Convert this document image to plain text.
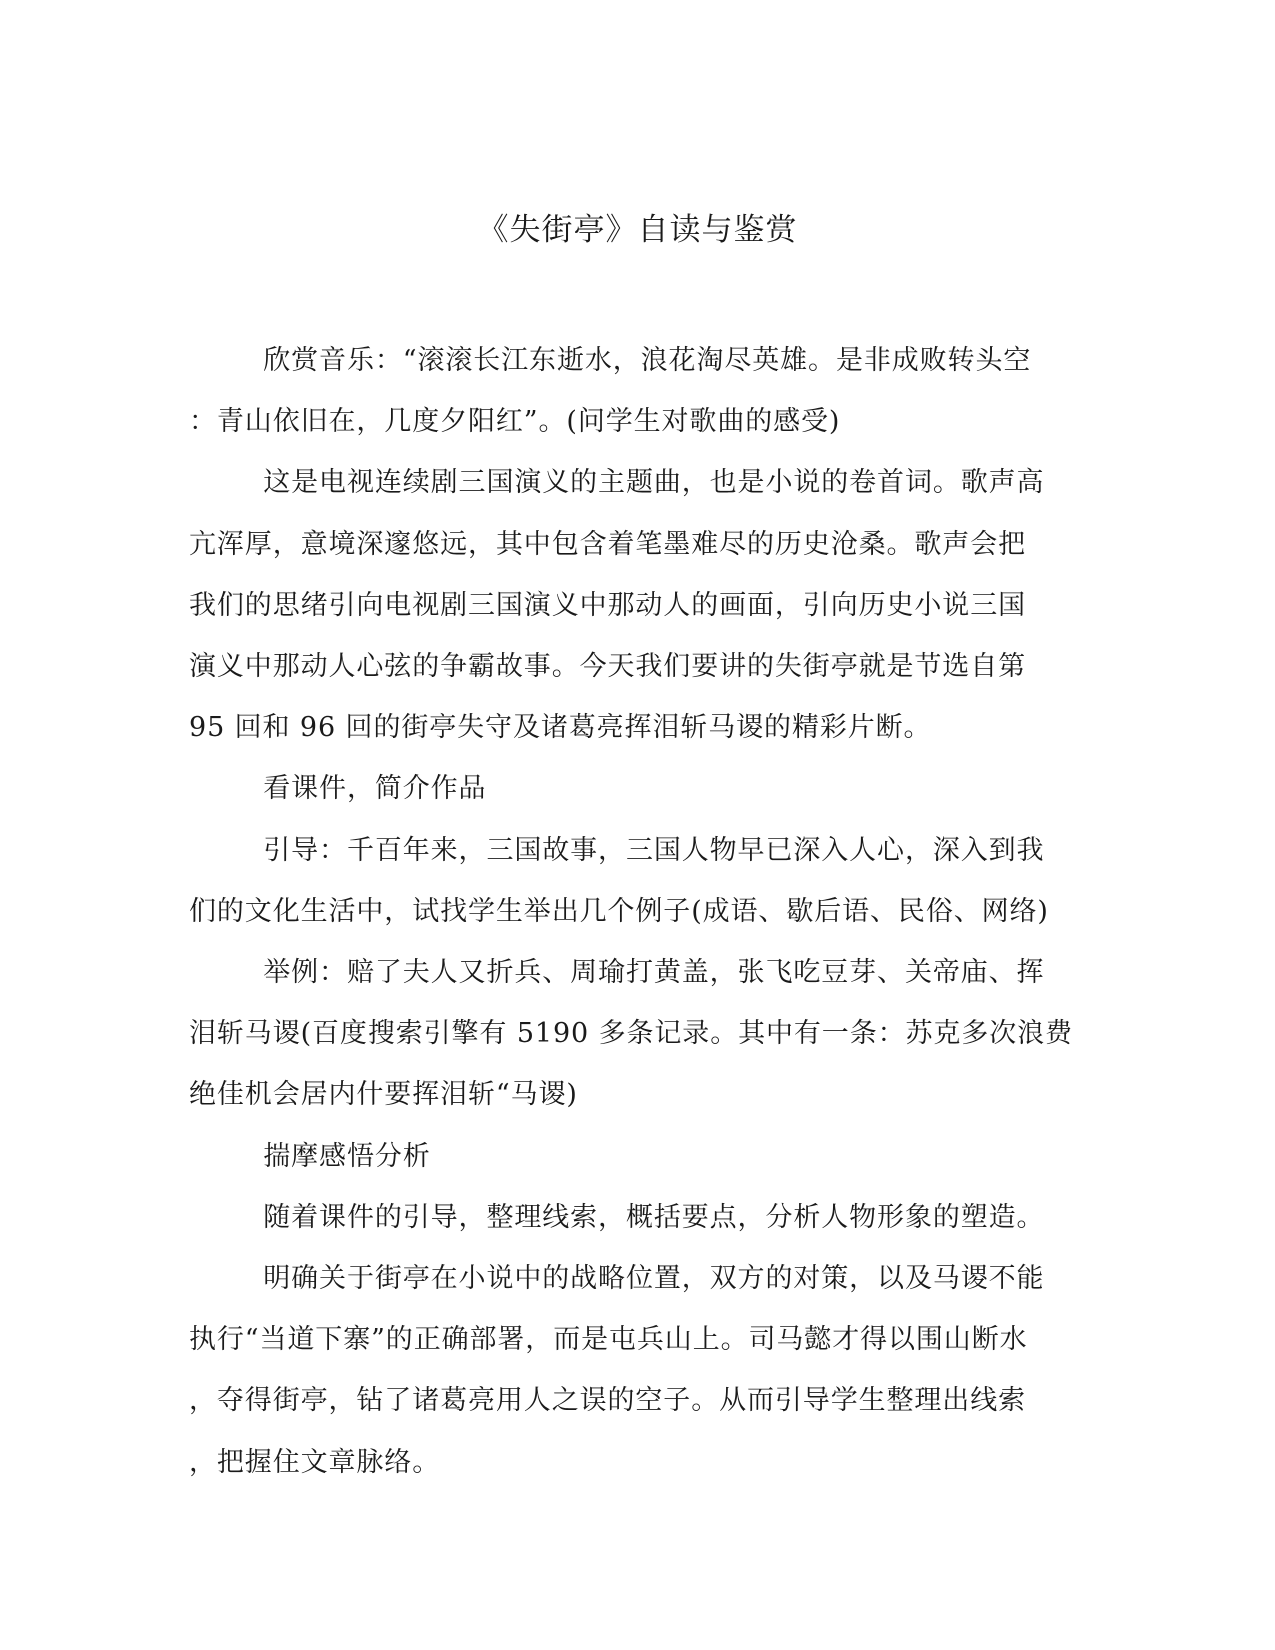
《失街亭》自读与鉴赏

欣赏音乐：“滚滚长江东逝水，浪花淘尽英雄。是非成败转头空
：青山依旧在，几度夕阳红”。(问学生对歌曲的感受)

这是电视连续剧三国演义的主题曲，也是小说的卷首词。歌声高
亢浑厚，意境深邃悠远，其中包含着笔墨难尽的历史沧桑。歌声会把
我们的思绪引向电视剧三国演义中那动人的画面，引向历史小说三国
演义中那动人心弦的争霸故事。今天我们要讲的失街亭就是节选自第
95 回和 96 回的街亭失守及诸葛亮挥泪斩马谡的精彩片断。

看课件，简介作品

引导：千百年来，三国故事，三国人物早已深入人心，深入到我
们的文化生活中，试找学生举出几个例子(成语、歇后语、民俗、网络)

举例：赔了夫人又折兵、周瑜打黄盖，张飞吃豆芽、关帝庙、挥
泪斩马谡(百度搜索引擎有 5190 多条记录。其中有一条：苏克多次浪费
绝佳机会居内什要挥泪斩“马谡)

揣摩感悟分析

随着课件的引导，整理线索，概括要点，分析人物形象的塑造。

明确关于街亭在小说中的战略位置，双方的对策，以及马谡不能
执行“当道下寨”的正确部署，而是屯兵山上。司马懿才得以围山断水
，夺得街亭，钻了诸葛亮用人之误的空子。从而引导学生整理出线索
，把握住文章脉络。
